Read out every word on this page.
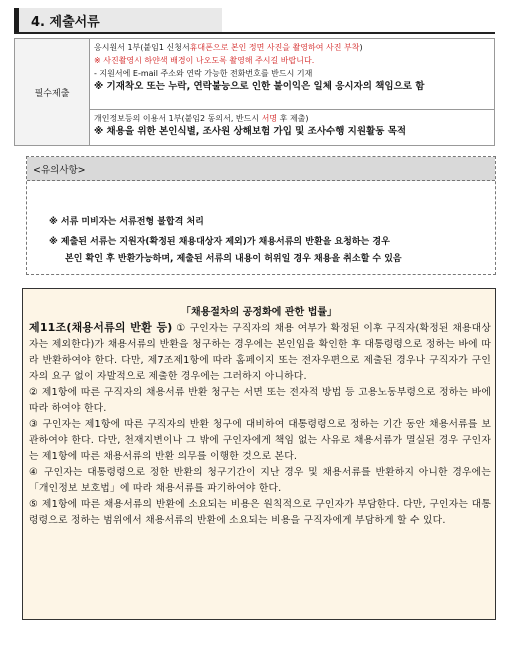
4. 제출서류
필수제출	
응시원서 1부(붙임1 신청서휴대폰으로 본인 정면 사진을 촬영하여 사진 부착)
※ 사진촬영시 하얀색 배경이 나오도록 촬영해 주시길 바랍니다.
- 지원서에 E-mail 주소와 연락 가능한 전화번호를 반드시 기재
※ 기재착오 또는 누락, 연락불능으로 인한 불이익은 일체 응시자의 책임으로 함

개인정보등의 이용서 1부(붙임2 동의서, 반드시 서명 후 제출)
※ 채용을 위한 본인식별, 조사원 상해보험 가입 및 조사수행 지원활동 목적
<유의사항>
※ 서류 미비자는 서류전형 불합격 처리
※ 제출된 서류는 지원자(확정된 채용대상자 제외)가 채용서류의 반환을 요청하는 경우
본인 확인 후 반환가능하며, 제출된 서류의 내용이 허위일 경우 채용을 취소할 수 있음
｢채용절차의 공정화에 관한 법률｣

제11조(채용서류의 반환 등) ① 구인자는 구직자의 채용 여부가 확정된 이후 구직자(확정된 채용대상자는 제외한다)가 채용서류의 반환을 청구하는 경우에는 본인임을 확인한 후 대통령령으로 정하는 바에 따라 반환하여야 한다. 다만, 제7조제1항에 따라 홈페이지 또는 전자우편으로 제출된 경우나 구직자가 구인자의 요구 없이 자발적으로 제출한 경우에는 그러하지 아니하다.

② 제1항에 따른 구직자의 채용서류 반환 청구는 서면 또는 전자적 방법 등 고용노동부령으로 정하는 바에 따라 하여야 한다.

③ 구인자는 제1항에 따른 구직자의 반환 청구에 대비하여 대통령령으로 정하는 기간 동안 채용서류를 보관하여야 한다. 다만, 천재지변이나 그 밖에 구인자에게 책임 없는 사유로 채용서류가 멸실된 경우 구인자는 제1항에 따른 채용서류의 반환 의무를 이행한 것으로 본다.

④ 구인자는 대통령령으로 정한 반환의 청구기간이 지난 경우 및 채용서류를 반환하지 아니한 경우에는 「개인정보 보호법」에 따라 채용서류를 파기하여야 한다.

⑤ 제1항에 따른 채용서류의 반환에 소요되는 비용은 원칙적으로 구인자가 부담한다. 다만, 구인자는 대통령령으로 정하는 범위에서 채용서류의 반환에 소요되는 비용을 구직자에게 부담하게 할 수 있다.
